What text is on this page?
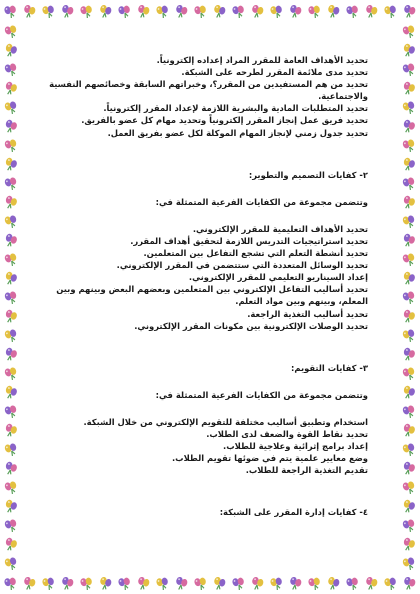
تحديد الأهداف العامة للمقرر المراد إعداده إلكترونياً.
تحديد مدى ملائمة المقرر لطرحه على الشبكة.
تحديد من هم المستفيدين من المقرر؟، وخبراتهم السابقة وخصائصهم النفسية
والاجتماعية.
تحديد المتطلبات المادية والبشرية اللازمة لإعداد المقرر إلكترونياً.
تحديد فريق عمل إنجاز المقرر إلكترونياً وتحديد مهام كل عضو بالفريق.
تحديد جدول زمني لإنجاز المهام الموكلة لكل عضو بفريق العمل.
٢- كفايات التصميم والتطوير:
وتتضمن مجموعة من الكفايات الفرعية المتمثلة في:
تحديد الأهداف التعليمية للمقرر الإلكتروني.
تحديد استراتيجيات التدريس اللازمة لتحقيق أهداف المقرر.
تحديد أنشطة التعلم التي تشجع التفاعل بين المتعلمين.
تحديد الوسائل المتعددة التي ستتضمن في المقرر الإلكتروني.
إعداد السيناريو التعليمي للمقرر الإلكتروني.
تحديد أساليب التفاعل الإلكتروني بين المتعلمين وبعضهم البعض وبينهم وبين
المعلم، وبينهم وبين مواد التعلم.
تحديد أساليب التغذية الراجعة.
تحديد الوصلات الإلكترونية بين مكونات المقرر الإلكتروني.
٣- كفايات التقويم:
وتتضمن مجموعة من الكفايات الفرعية المتمثلة في:
استخدام وتطبيق أساليب مختلفة للتقويم الإلكتروني من خلال الشبكة.
تحديد نقاط القوة والضعف لدى الطلاب.
إعداد برامج إثرائية وعلاجية للطلاب.
وضع معايير علمية يتم في ضوئها تقويم الطلاب.
تقديم التغذية الراجعة للطلاب.
٤- كفايات إدارة المقرر على الشبكة:
